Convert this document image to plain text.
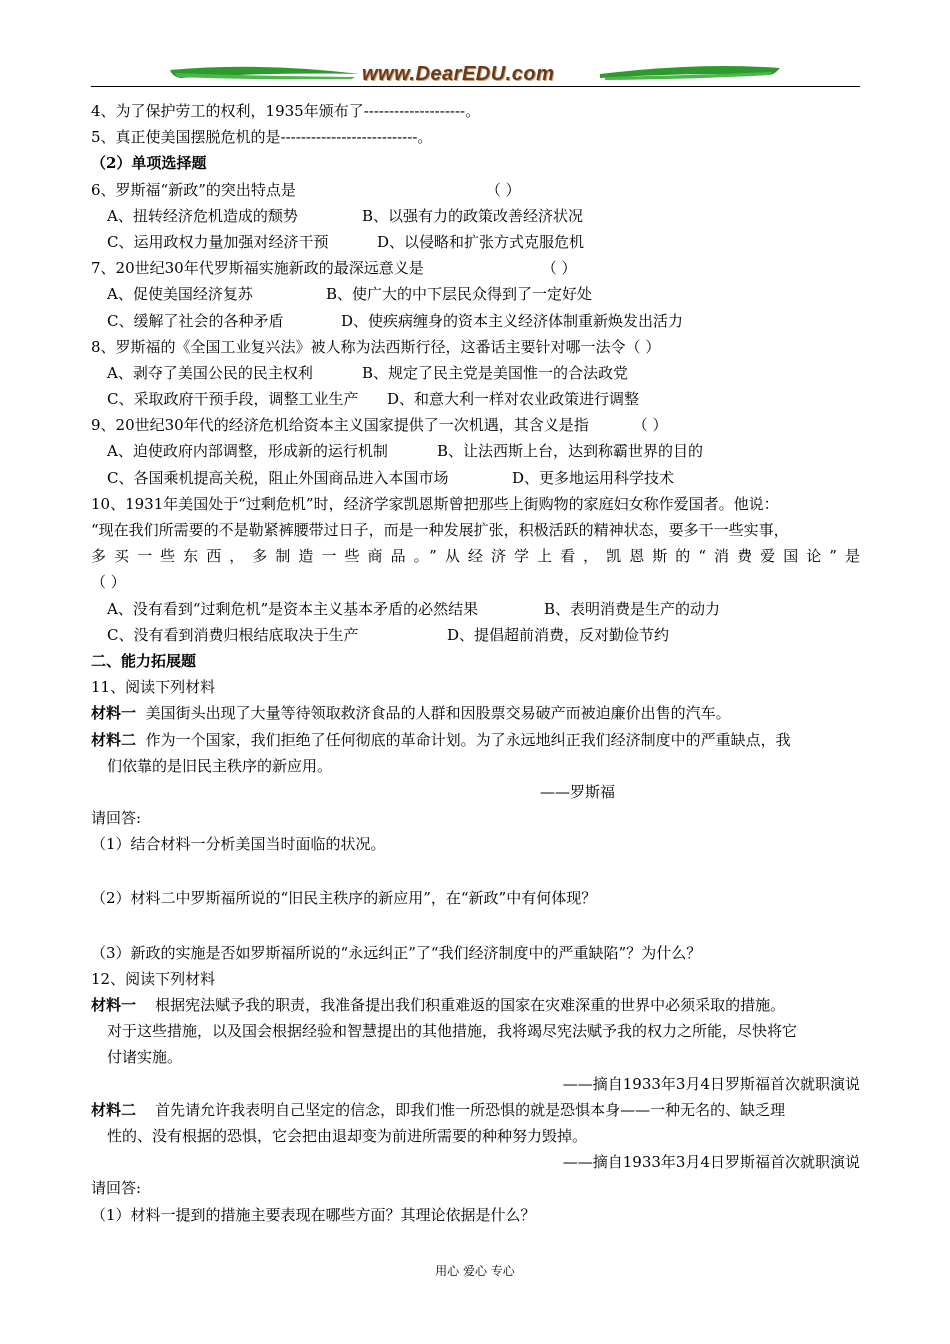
www.DearEDU.com
4、为了保护劳工的权利，1935年颁布了--------------------。
5、真正使美国摆脱危机的是---------------------------。
（2）单项选择题
6、罗斯福“新政”的突出特点是	（ ）
A、扭转经济危机造成的颓势	B、以强有力的政策改善经济状况
C、运用政权力量加强对经济干预	D、以侵略和扩张方式克服危机
7、20世纪30年代罗斯福实施新政的最深远意义是	（ ）
A、促使美国经济复苏	B、使广大的中下层民众得到了一定好处
C、缓解了社会的各种矛盾	D、使疾病缠身的资本主义经济体制重新焕发出活力
8、罗斯福的《全国工业复兴法》被人称为法西斯行径，这番话主要针对哪一法令（ ）
A、剥夺了美国公民的民主权利	B、规定了民主党是美国惟一的合法政党
C、采取政府干预手段，调整工业生产 D、和意大利一样对农业政策进行调整
9、20世纪30年代的经济危机给资本主义国家提供了一次机遇，其含义是指	（ ）
A、迫使政府内部调整，形成新的运行机制	B、让法西斯上台，达到称霸世界的目的
C、各国乘机提高关税，阻止外国商品进入本国市场	D、更多地运用科学技术
10、1931年美国处于“过剩危机”时，经济学家凯恩斯曾把那些上街购物的家庭妇女称作爱国者。他说：
“现在我们所需要的不是勒紧裤腰带过日子，而是一种发展扩张，积极活跃的精神状态，要多干一些实事，
多买一些东西，多制造一些商品。”从经济学上看，凯恩斯的“消费爱国论”是
（ ）
A、没有看到“过剩危机”是资本主义基本矛盾的必然结果	B、表明消费是生产的动力
C、没有看到消费归根结底取决于生产	D、提倡超前消费，反对勤俭节约
二、能力拓展题
11、阅读下列材料
材料一 美国街头出现了大量等待领取救济食品的人群和因股票交易破产而被迫廉价出售的汽车。
材料二 作为一个国家，我们拒绝了任何彻底的革命计划。为了永远地纠正我们经济制度中的严重缺点，我
们依靠的是旧民主秩序的新应用。
——罗斯福
请回答:
（1）结合材料一分析美国当时面临的状况。
（2）材料二中罗斯福所说的“旧民主秩序的新应用”，在“新政”中有何体现？
（3）新政的实施是否如罗斯福所说的“永远纠正”了“我们经济制度中的严重缺陷”？为什么？
12、阅读下列材料
材料一 根据宪法赋予我的职责，我准备提出我们积重难返的国家在灾难深重的世界中必须采取的措施。
对于这些措施，以及国会根据经验和智慧提出的其他措施，我将竭尽宪法赋予我的权力之所能，尽快将它
付诸实施。
——摘自1933年3月4日罗斯福首次就职演说
材料二 首先请允许我表明自己坚定的信念，即我们惟一所恐惧的就是恐惧本身——一种无名的、缺乏理
性的、没有根据的恐惧，它会把由退却变为前进所需要的种种努力毁掉。
——摘自1933年3月4日罗斯福首次就职演说
请回答:
（1）材料一提到的措施主要表现在哪些方面？其理论依据是什么？
用心 爱心 专心
